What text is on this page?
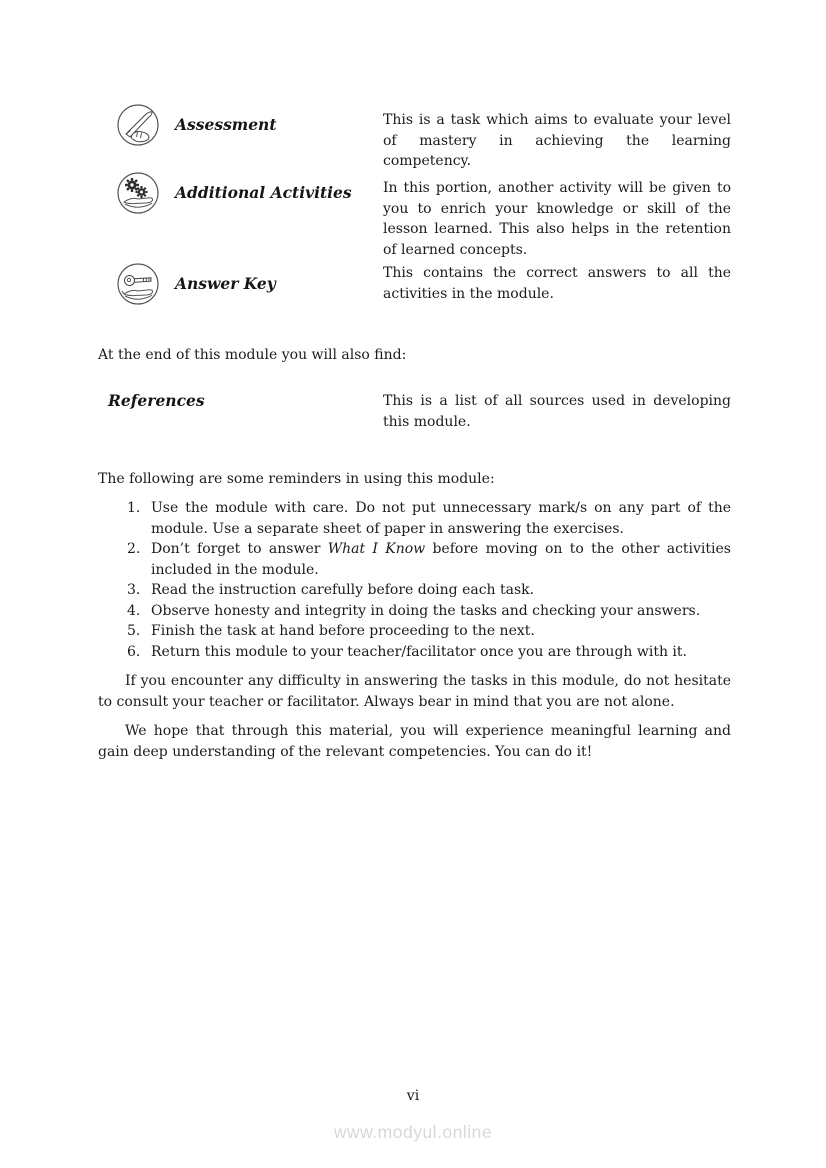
Assessment	This is a task which aims to evaluate your level of mastery in achieving the learning competency.

Additional Activities In this portion, another activity will be given to you to enrich your knowledge or skill of the lesson learned. This also helps in the retention of learned concepts.

Answer Key

This contains the correct answers to all the activities in the module.

At the end of this module you will also find:

References	This is a list of all sources used in developing this module.

The following are some reminders in using this module:

1. Use the module with care. Do not put unnecessary mark/s on any part of the module. Use a separate sheet of paper in answering the exercises.
2. Don’t forget to answer What I Know before moving on to the other activities included in the module.
3. Read the instruction carefully before doing each task.
4. Observe honesty and integrity in doing the tasks and checking your answers.
5. Finish the task at hand before proceeding to the next.
6. Return this module to your teacher/facilitator once you are through with it.

If you encounter any difficulty in answering the tasks in this module, do not hesitate to consult your teacher or facilitator. Always bear in mind that you are not alone.

We hope that through this material, you will experience meaningful learning and gain deep understanding of the relevant competencies. You can do it!

vi
www.modyul.online
